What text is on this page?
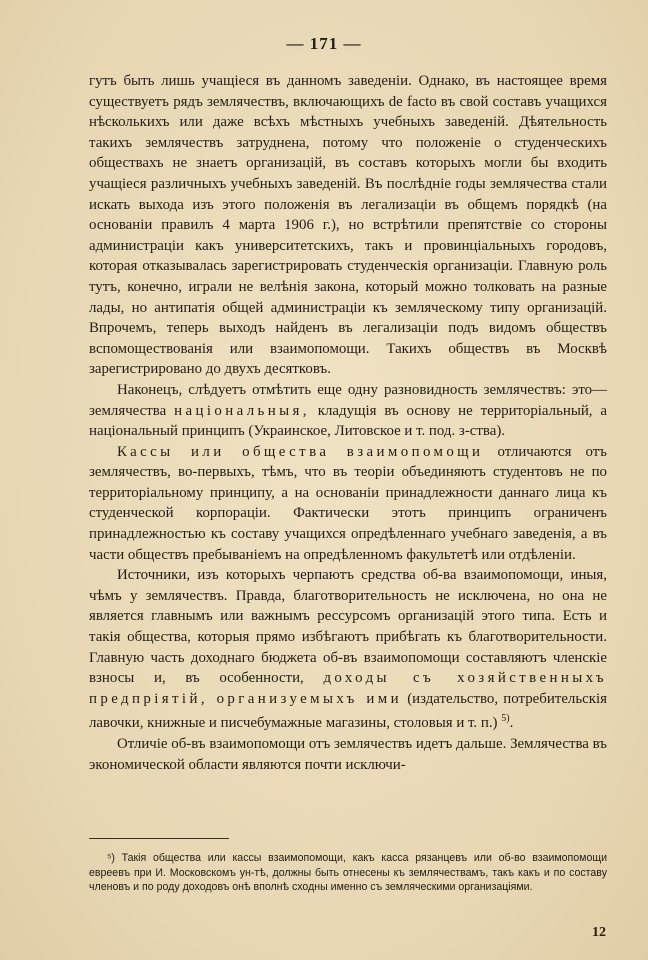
— 171 —

гутъ быть лишь учащіеся въ данномъ заведеніи. Однако, въ настоящее время существуетъ рядъ землячествъ, включающихъ de facto въ свой составъ учащихся нѣсколькихъ или даже всѣхъ мѣстныхъ учебныхъ заведеній. Дѣятельность такихъ землячествъ затруднена, потому что положеніе о студенческихъ обществахъ не знаетъ организацій, въ составъ которыхъ могли бы входить учащіеся различныхъ учебныхъ заведеній. Въ послѣдніе годы землячества стали искать выхода изъ этого положенія въ легализаціи въ общемъ порядкѣ (на основаніи правилъ 4 марта 1906 г.), но встрѣтили препятствіе со стороны администраціи какъ университетскихъ, такъ и провинціальныхъ городовъ, которая отказывалась зарегистрировать студенческія организаціи. Главную роль тутъ, конечно, играли не велѣнія закона, который можно толковать на разные лады, но антипатія общей администраціи къ земляческому типу организацій. Впрочемъ, теперь выходъ найденъ въ легализаціи подъ видомъ обществъ вспомоществованія или взаимопомощи. Такихъ обществъ въ Москвѣ зарегистрировано до двухъ десятковъ.

Наконецъ, слѣдуетъ отмѣтить еще одну разновидность землячествъ: это—землячества національныя, кладущія въ основу не территоріальный, а національный принципъ (Украинское, Литовское и т. под. з-ства).

Кассы или общества взаимопомощи отличаются отъ землячествъ, во-первыхъ, тѣмъ, что въ теоріи объединяютъ студентовъ не по территоріальному принципу, а на основаніи принадлежности даннаго лица къ студенческой корпораціи. Фактически этотъ принципъ ограниченъ принадлежностью къ составу учащихся опредѣленнаго учебнаго заведенія, а въ части обществъ пребываніемъ на опредѣленномъ факультетѣ или отдѣленіи.

Источники, изъ которыхъ черпаютъ средства об-ва взаимопомощи, иныя, чѣмъ у землячествъ. Правда, благотворительность не исключена, но она не является главнымъ или важнымъ рессурсомъ организацій этого типа. Есть и такія общества, которыя прямо избѣгаютъ прибѣгать къ благотворительности. Главную часть доходнаго бюджета об-въ взаимопомощи составляютъ членскіе взносы и, въ особенности, доходы съ хозяйственныхъ предпріятій, организуемыхъ ими (издательство, потребительскія лавочки, книжные и писчебумажные магазины, столовыя и т. п.) $^{5)}$.

Отличіе об-въ взаимопомощи отъ землячествъ идетъ дальше. Землячества въ экономической области являются почти исключи-

⁵) Такія общества или кассы взаимопомощи, какъ касса рязанцевъ или об-во взаимопомощи евреевъ при И. Московскомъ ун-тѣ, должны быть отнесены къ землячествамъ, такъ какъ и по составу членовъ и по роду доходовъ онѣ вполнѣ сходны именно съ земляческими организаціями.

12
